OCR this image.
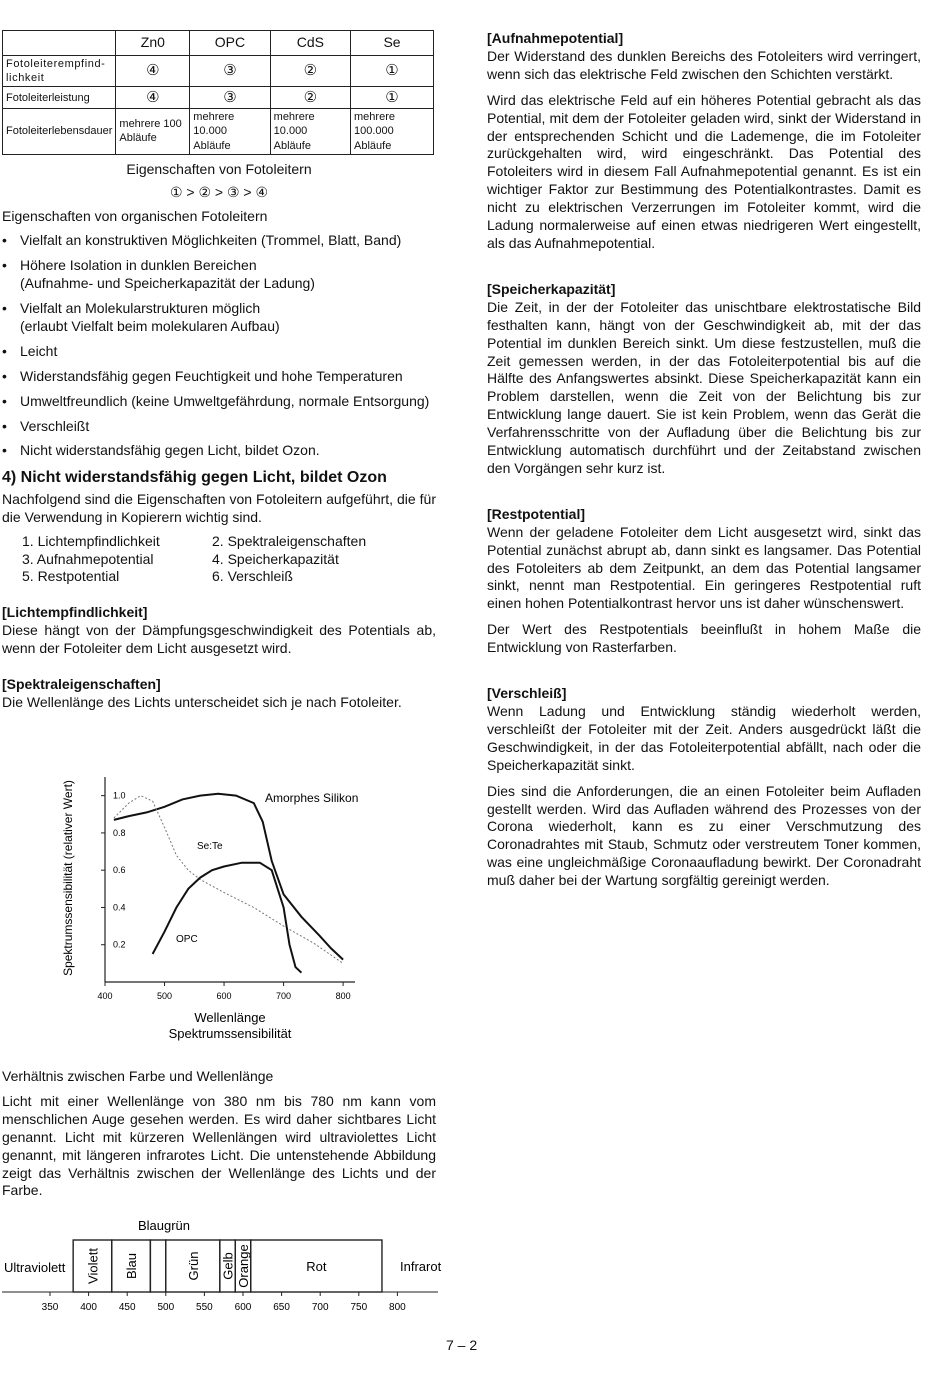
	Zn0	OPC	CdS	Se
Fotoleiterempfind-lichkeit	④	③	②	①
Fotoleiterleistung	④	③	②	①
Fotoleiterlebensdauer	mehrere 100 Abläufe	mehrere 10.000 Abläufe	mehrere 10.000 Abläufe	mehrere 100.000 Abläufe
Eigenschaften von Fotoleitern
① > ② > ③ > ④
Eigenschaften von organischen Fotoleitern
• Vielfalt an konstruktiven Möglichkeiten (Trommel, Blatt, Band)
• Höhere Isolation in dunklen Bereichen
(Aufnahme- und Speicherkapazität der Ladung)
• Vielfalt an Molekularstrukturen möglich
(erlaubt Vielfalt beim molekularen Aufbau)
• Leicht
• Widerstandsfähig gegen Feuchtigkeit und hohe Temperaturen
• Umweltfreundlich (keine Umweltgefährdung, normale Entsorgung)
• Verschleißt
• Nicht widerstandsfähig gegen Licht, bildet Ozon.
4) Nicht widerstandsfähig gegen Licht, bildet Ozon

Nachfolgend sind die Eigenschaften von Fotoleitern aufgeführt, die für die Verwendung in Kopierern wichtig sind.

1. Lichtempfindlichkeit	2. Spektraleigenschaften
3. Aufnahmepotential	4. Speicherkapazität
5. Restpotential	6. Verschleiß
[Lichtempfindlichkeit]

Diese hängt von der Dämpfungsgeschwindigkeit des Potentials ab, wenn der Fotoleiter dem Licht ausgesetzt wird.

[Spektraleigenschaften]

Die Wellenlänge des Lichts unterscheidet sich je nach Fotoleiter.

400	500	600	700	800
0.2
0.4
0.6
0.8
1.0	Amorphes Silikon
Se:Te
OPC
Spektrumssensibilität (relativer Wert)
Wellenlänge
Spektrumssensibilität
Verhältnis zwischen Farbe und Wellenlänge

Licht mit einer Wellenlänge von 380 nm bis 780 nm kann vom menschlichen Auge gesehen werden. Es wird daher sichtbares Licht genannt. Licht mit kürzeren Wellenlängen wird ultraviolettes Licht genannt, mit längeren infrarotes Licht. Die untenstehende Abbildung zeigt das Verhältnis zwischen der Wellenlänge des Lichts und der Farbe.

Blaugrün
350 400 450 500 550 600 650 700 750 800
Violett Blau	Grün Gelb Orange	Rot
Ultraviolett	Infrarot
[Aufnahmepotential]

Der Widerstand des dunklen Bereichs des Fotoleiters wird verringert, wenn sich das elektrische Feld zwischen den Schichten verstärkt.

Wird das elektrische Feld auf ein höheres Potential gebracht als das Potential, mit dem der Fotoleiter geladen wird, sinkt der Widerstand in der entsprechenden Schicht und die Lademenge, die im Fotoleiter zurückgehalten wird, wird eingeschränkt. Das Potential des Fotoleiters wird in diesem Fall Aufnahmepotential genannt. Es ist ein wichtiger Faktor zur Bestimmung des Potentialkontrastes. Damit es nicht zu elektrischen Verzerrungen im Fotoleiter kommt, wird die Ladung normalerweise auf einen etwas niedrigeren Wert eingestellt, als das Aufnahmepotential.

[Speicherkapazität]

Die Zeit, in der der Fotoleiter das unischtbare elektrostatische Bild festhalten kann, hängt von der Geschwindigkeit ab, mit der das Potential im dunklen Bereich sinkt. Um diese festzustellen, muß die Zeit gemessen werden, in der das Fotoleiterpotential bis auf die Hälfte des Anfangswertes absinkt. Diese Speicherkapazität kann ein Problem darstellen, wenn die Zeit von der Belichtung bis zur Entwicklung lange dauert. Sie ist kein Problem, wenn das Gerät die Verfahrensschritte von der Aufladung über die Belichtung bis zur Entwicklung automatisch durchführt und der Zeitabstand zwischen den Vorgängen sehr kurz ist.

[Restpotential]

Wenn der geladene Fotoleiter dem Licht ausgesetzt wird, sinkt das Potential zunächst abrupt ab, dann sinkt es langsamer. Das Potential des Fotoleiters ab dem Zeitpunkt, an dem das Potential langsamer sinkt, nennt man Restpotential. Ein geringeres Restpotential ruft einen hohen Potentialkontrast hervor uns ist daher wünschenswert.

Der Wert des Restpotentials beeinflußt in hohem Maße die Entwicklung von Rasterfarben.

[Verschleiß]

Wenn Ladung und Entwicklung ständig wiederholt werden, verschleißt der Fotoleiter mit der Zeit. Anders ausgedrückt läßt die Geschwindigkeit, in der das Fotoleiterpotential abfällt, nach oder die Speicherkapazität sinkt.

Dies sind die Anforderungen, die an einen Fotoleiter beim Aufladen gestellt werden. Wird das Aufladen während des Prozesses von der Corona wiederholt, kann es zu einer Verschmutzung des Coronadrahtes mit Staub, Schmutz oder verstreutem Toner kommen, was eine ungleichmäßige Coronaaufladung bewirkt. Der Coronadraht muß daher bei der Wartung sorgfältig gereinigt werden.

7 – 2
